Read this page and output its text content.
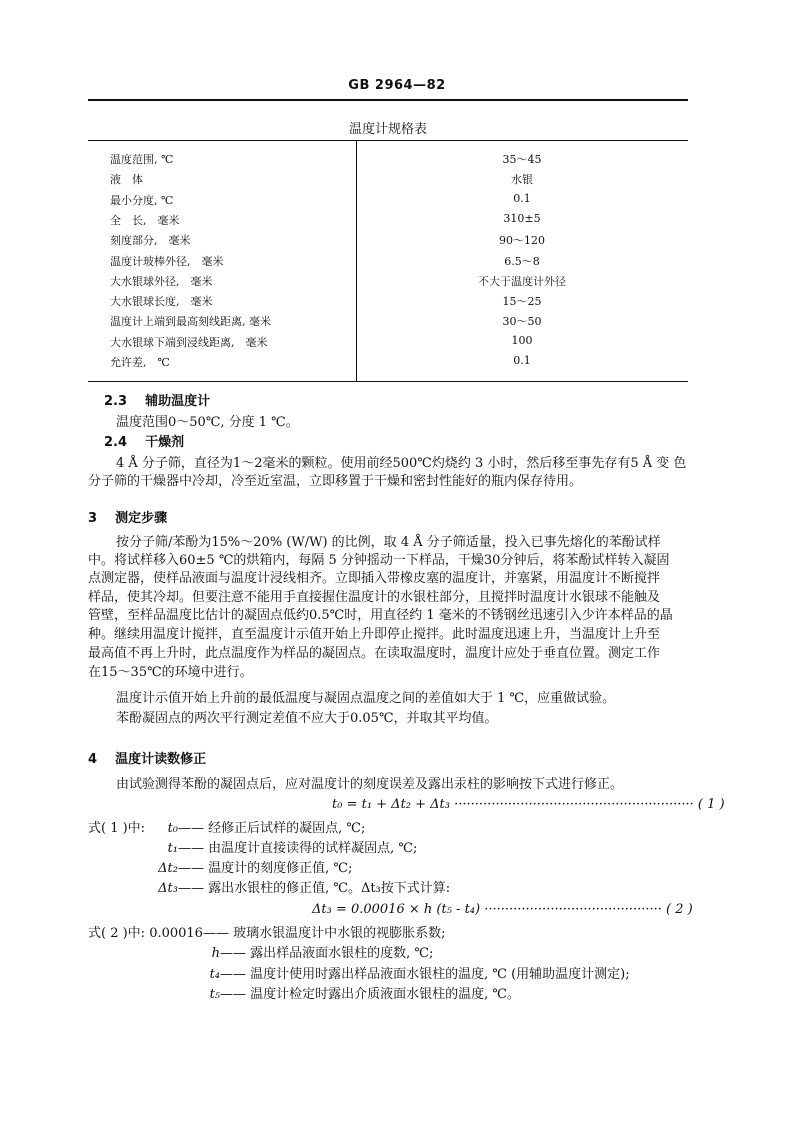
GB 2964—82
温度计规格表
温度范围, ℃	35～45
液　体	水银
最小分度, ℃	0.1
全　长,　毫米	310±5
刻度部分,　毫米	90～120
温度计玻棒外径,　毫米	6.5～8
大水银球外径,　毫米	不大于温度计外径
大水银球长度,　毫米	15～25
温度计上端到最高刻线距离, 毫米	30～50
大水银球下端到浸线距离,　毫米	100
允许差,　℃	0.1
2.3 辅助温度计
温度范围0～50℃, 分度 1 ℃。
2.4 干燥剂
4 Å 分子筛，直径为1～2毫米的颗粒。使用前经500℃灼烧约 3 小时，然后移至事先存有5 Å 变 色
分子筛的干燥器中冷却，冷至近室温，立即移置于干燥和密封性能好的瓶内保存待用。
3 测定步骤
按分子筛/苯酚为15%～20% (W/W) 的比例，取 4 Å 分子筛适量，投入已事先熔化的苯酚试样
中。将试样移入60±5 ℃的烘箱内，每隔 5 分钟摇动一下样品，干燥30分钟后，将苯酚试样转入凝固
点测定器，使样品液面与温度计浸线相齐。立即插入带橡皮塞的温度计，并塞紧，用温度计不断搅拌
样品，使其冷却。但要注意不能用手直接握住温度计的水银柱部分，且搅拌时温度计水银球不能触及
管壁，至样品温度比估计的凝固点低约0.5℃时，用直径约 1 毫米的不锈钢丝迅速引入少许本样品的晶
种。继续用温度计搅拌，直至温度计示值开始上升即停止搅拌。此时温度迅速上升，当温度计上升至
最高值不再上升时，此点温度作为样品的凝固点。在读取温度时，温度计应处于垂直位置。测定工作
在15～35℃的环境中进行。
温度计示值开始上升前的最低温度与凝固点温度之间的差值如大于 1 ℃，应重做试验。
苯酚凝固点的两次平行测定差值不应大于0.05℃，并取其平均值。
4 温度计读数修正
由试验测得苯酚的凝固点后，应对温度计的刻度误差及露出汞柱的影响按下式进行修正。
t₀ = t₁ + Δt₂ + Δt₃ ·························································· ( 1 )
式( 1 )中:	t₀—— 经修正后试样的凝固点, ℃;
t₁—— 由温度计直接读得的试样凝固点, ℃;
Δt₂—— 温度计的刻度修正值, ℃;
Δt₃—— 露出水银柱的修正值, ℃。Δt₃按下式计算:
Δt₃ = 0.00016 × h (t₅ - t₄) ··········································· ( 2 )
式( 2 )中: 0.00016—— 玻璃水银温度计中水银的视膨胀系数;
h—— 露出样品液面水银柱的度数, ℃;
t₄—— 温度计使用时露出样品液面水银柱的温度, ℃ (用辅助温度计测定);
t₅—— 温度计检定时露出介质液面水银柱的温度, ℃。
